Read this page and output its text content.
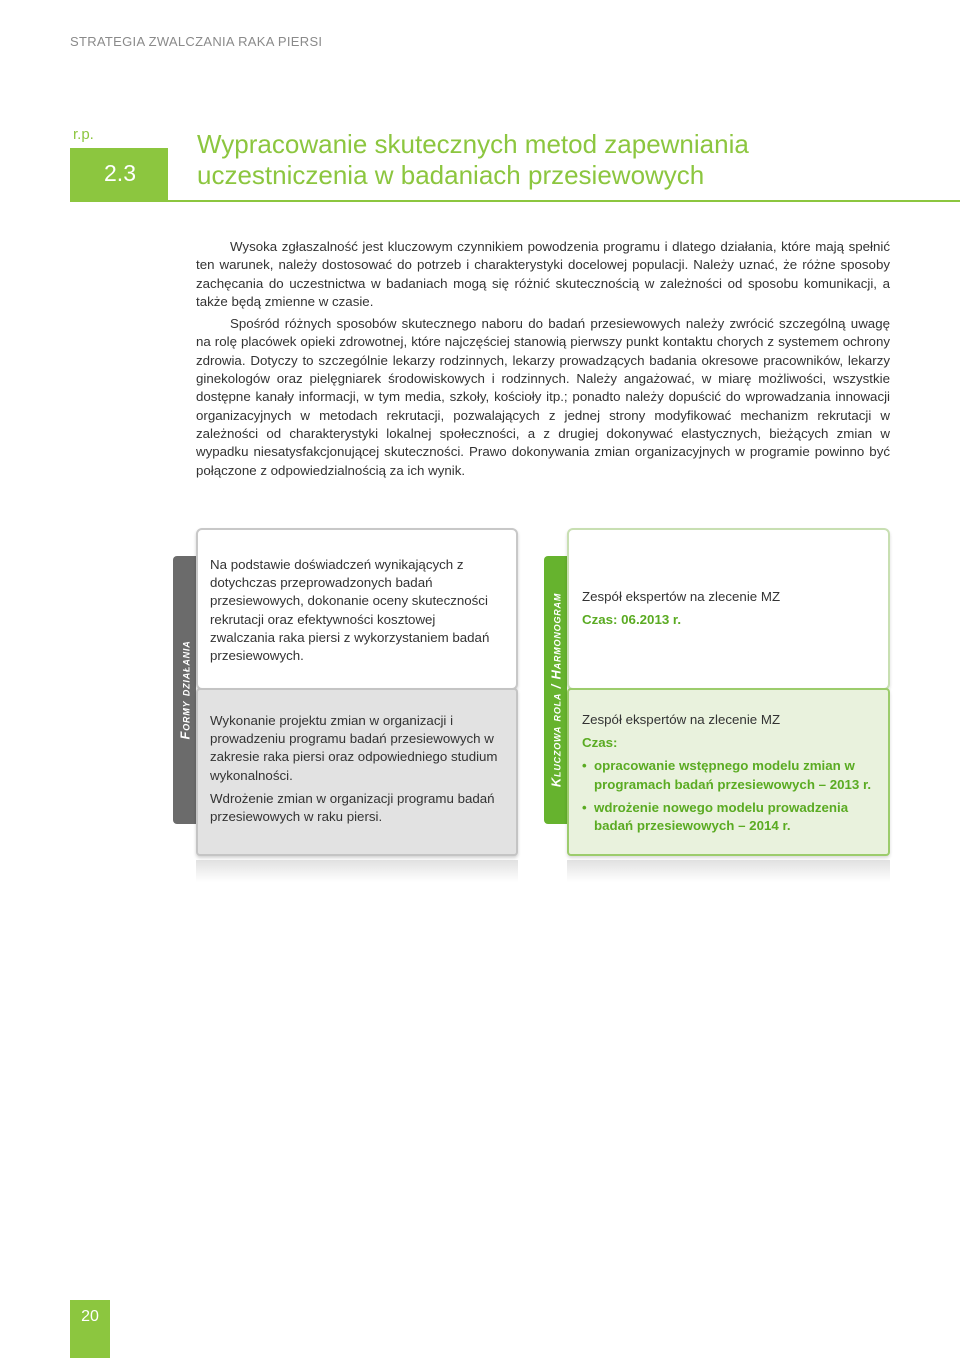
STRATEGIA ZWALCZANIA RAKA PIERSI
r.p.
2.3
Wypracowanie skutecznych metod zapewniania
uczestniczenia w badaniach przesiewowych

Wysoka zgłaszalność jest kluczowym czynnikiem powodzenia programu i dlatego działania, które mają spełnić ten warunek, należy dostosować do potrzeb i charakterystyki docelowej populacji. Należy uznać, że różne sposoby zachęcania do uczestnictwa w badaniach mogą się różnić skutecznością w zależności od sposobu komunikacji, a także będą zmienne w czasie.

Spośród różnych sposobów skutecznego naboru do badań przesiewowych należy zwrócić szczególną uwagę na rolę placówek opieki zdrowotnej, które najczęściej stanowią pierwszy punkt kontaktu chorych z systemem ochrony zdrowia. Dotyczy to szczególnie lekarzy rodzinnych, lekarzy prowadzących badania okresowe pracowników, lekarzy ginekologów oraz pielęgniarek środowiskowych i rodzinnych. Należy angażować, w miarę możliwości, wszystkie dostępne kanały informacji, w tym media, szkoły, kościoły itp.; ponadto należy dopuścić do wprowadzania innowacji organizacyjnych w metodach rekrutacji, pozwalających z jednej strony modyfikować mechanizm rekrutacji w zależności od charakterystyki lokalnej społeczności, a z drugiej dokonywać elastycznych, bieżących zmian w wypadku niesatysfakcjonującej skuteczności. Prawo dokonywania zmian organizacyjnych w programie powinno być połączone z odpowiedzialnością za ich wynik.

Formy działania
Na podstawie doświadczeń wynikających z dotychczas przeprowadzonych badań przesiewowych, dokonanie oceny skuteczności rekrutacji oraz efektywności kosztowej zwalczania raka piersi z wykorzystaniem badań przesiewowych.

Wykonanie projektu zmian w organizacji i prowadzeniu programu badań przesiewowych w zakresie raka piersi oraz odpowiedniego studium wykonalności.

Wdrożenie zmian w organizacji programu badań przesiewowych w raku piersi.

Kluczowa rola / Harmonogram Zespół ekspertów na zlecenie MZ
Czas: 06.2013 r.
Zespół ekspertów na zlecenie MZ
Czas:
• opracowanie wstępnego modelu zmian w programach badań przesiewowych – 2013 r.
• wdrożenie nowego modelu prowadzenia badań przesiewowych – 2014 r.
20
